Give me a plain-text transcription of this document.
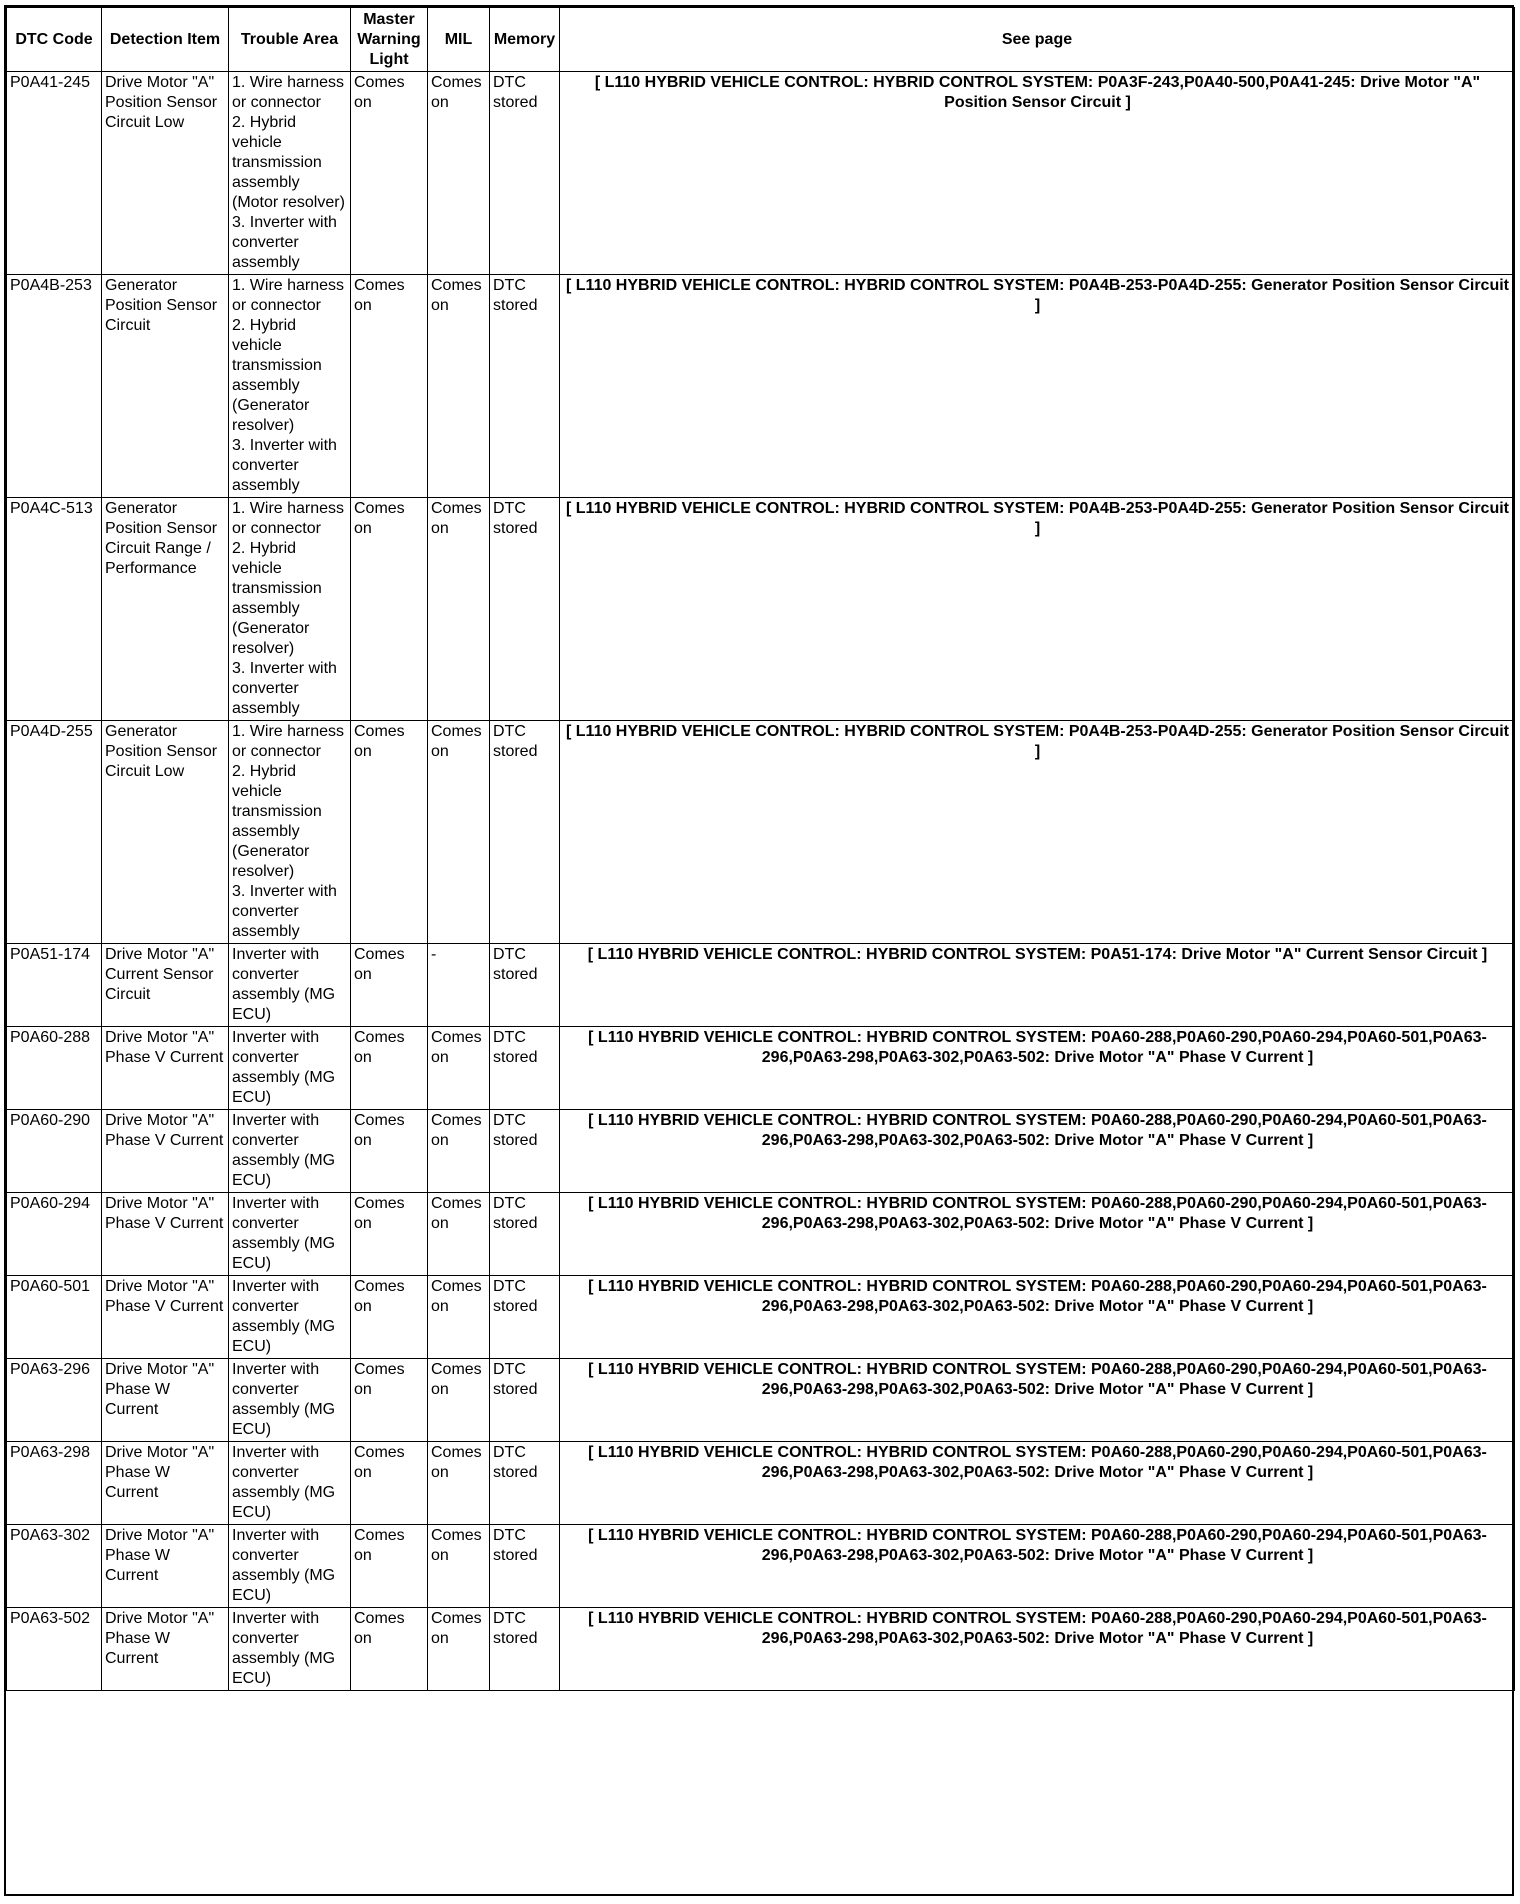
DTC Code	Detection Item	Trouble Area	Master Warning Light	MIL	Memory	See page
P0A41-245	Drive Motor "A" Position Sensor Circuit Low	1. Wire harness or connector
2. Hybrid vehicle transmission assembly (Motor resolver)
3. Inverter with converter assembly	Comes on	Comes on	DTC stored	[ L110 HYBRID VEHICLE CONTROL: HYBRID CONTROL SYSTEM: P0A3F-243,P0A40-500,P0A41-245: Drive Motor "A" Position Sensor Circuit ]
P0A4B-253	Generator Position Sensor Circuit	1. Wire harness or connector
2. Hybrid vehicle transmission assembly (Generator resolver)
3. Inverter with converter assembly	Comes on	Comes on	DTC stored	[ L110 HYBRID VEHICLE CONTROL: HYBRID CONTROL SYSTEM: P0A4B-253-P0A4D-255: Generator Position Sensor Circuit ]
P0A4C-513	Generator Position Sensor Circuit Range / Performance	1. Wire harness or connector
2. Hybrid vehicle transmission assembly (Generator resolver)
3. Inverter with converter assembly	Comes on	Comes on	DTC stored	[ L110 HYBRID VEHICLE CONTROL: HYBRID CONTROL SYSTEM: P0A4B-253-P0A4D-255: Generator Position Sensor Circuit ]
P0A4D-255	Generator Position Sensor Circuit Low	1. Wire harness or connector
2. Hybrid vehicle transmission assembly (Generator resolver)
3. Inverter with converter assembly	Comes on	Comes on	DTC stored	[ L110 HYBRID VEHICLE CONTROL: HYBRID CONTROL SYSTEM: P0A4B-253-P0A4D-255: Generator Position Sensor Circuit ]
P0A51-174	Drive Motor "A" Current Sensor Circuit	Inverter with converter assembly (MG ECU)	Comes on	-	DTC stored	[ L110 HYBRID VEHICLE CONTROL: HYBRID CONTROL SYSTEM: P0A51-174: Drive Motor "A" Current Sensor Circuit ]
P0A60-288	Drive Motor "A" Phase V Current	Inverter with converter assembly (MG ECU)	Comes on	Comes on	DTC stored	[ L110 HYBRID VEHICLE CONTROL: HYBRID CONTROL SYSTEM: P0A60-288,P0A60-290,P0A60-294,P0A60-501,P0A63-296,P0A63-298,P0A63-302,P0A63-502: Drive Motor "A" Phase V Current ]
P0A60-290	Drive Motor "A" Phase V Current	Inverter with converter assembly (MG ECU)	Comes on	Comes on	DTC stored	[ L110 HYBRID VEHICLE CONTROL: HYBRID CONTROL SYSTEM: P0A60-288,P0A60-290,P0A60-294,P0A60-501,P0A63-296,P0A63-298,P0A63-302,P0A63-502: Drive Motor "A" Phase V Current ]
P0A60-294	Drive Motor "A" Phase V Current	Inverter with converter assembly (MG ECU)	Comes on	Comes on	DTC stored	[ L110 HYBRID VEHICLE CONTROL: HYBRID CONTROL SYSTEM: P0A60-288,P0A60-290,P0A60-294,P0A60-501,P0A63-296,P0A63-298,P0A63-302,P0A63-502: Drive Motor "A" Phase V Current ]
P0A60-501	Drive Motor "A" Phase V Current	Inverter with converter assembly (MG ECU)	Comes on	Comes on	DTC stored	[ L110 HYBRID VEHICLE CONTROL: HYBRID CONTROL SYSTEM: P0A60-288,P0A60-290,P0A60-294,P0A60-501,P0A63-296,P0A63-298,P0A63-302,P0A63-502: Drive Motor "A" Phase V Current ]
P0A63-296	Drive Motor "A" Phase W Current	Inverter with converter assembly (MG ECU)	Comes on	Comes on	DTC stored	[ L110 HYBRID VEHICLE CONTROL: HYBRID CONTROL SYSTEM: P0A60-288,P0A60-290,P0A60-294,P0A60-501,P0A63-296,P0A63-298,P0A63-302,P0A63-502: Drive Motor "A" Phase V Current ]
P0A63-298	Drive Motor "A" Phase W Current	Inverter with converter assembly (MG ECU)	Comes on	Comes on	DTC stored	[ L110 HYBRID VEHICLE CONTROL: HYBRID CONTROL SYSTEM: P0A60-288,P0A60-290,P0A60-294,P0A60-501,P0A63-296,P0A63-298,P0A63-302,P0A63-502: Drive Motor "A" Phase V Current ]
P0A63-302	Drive Motor "A" Phase W Current	Inverter with converter assembly (MG ECU)	Comes on	Comes on	DTC stored	[ L110 HYBRID VEHICLE CONTROL: HYBRID CONTROL SYSTEM: P0A60-288,P0A60-290,P0A60-294,P0A60-501,P0A63-296,P0A63-298,P0A63-302,P0A63-502: Drive Motor "A" Phase V Current ]
P0A63-502	Drive Motor "A" Phase W Current	Inverter with converter assembly (MG ECU)	Comes on	Comes on	DTC stored	[ L110 HYBRID VEHICLE CONTROL: HYBRID CONTROL SYSTEM: P0A60-288,P0A60-290,P0A60-294,P0A60-501,P0A63-296,P0A63-298,P0A63-302,P0A63-502: Drive Motor "A" Phase V Current ]
